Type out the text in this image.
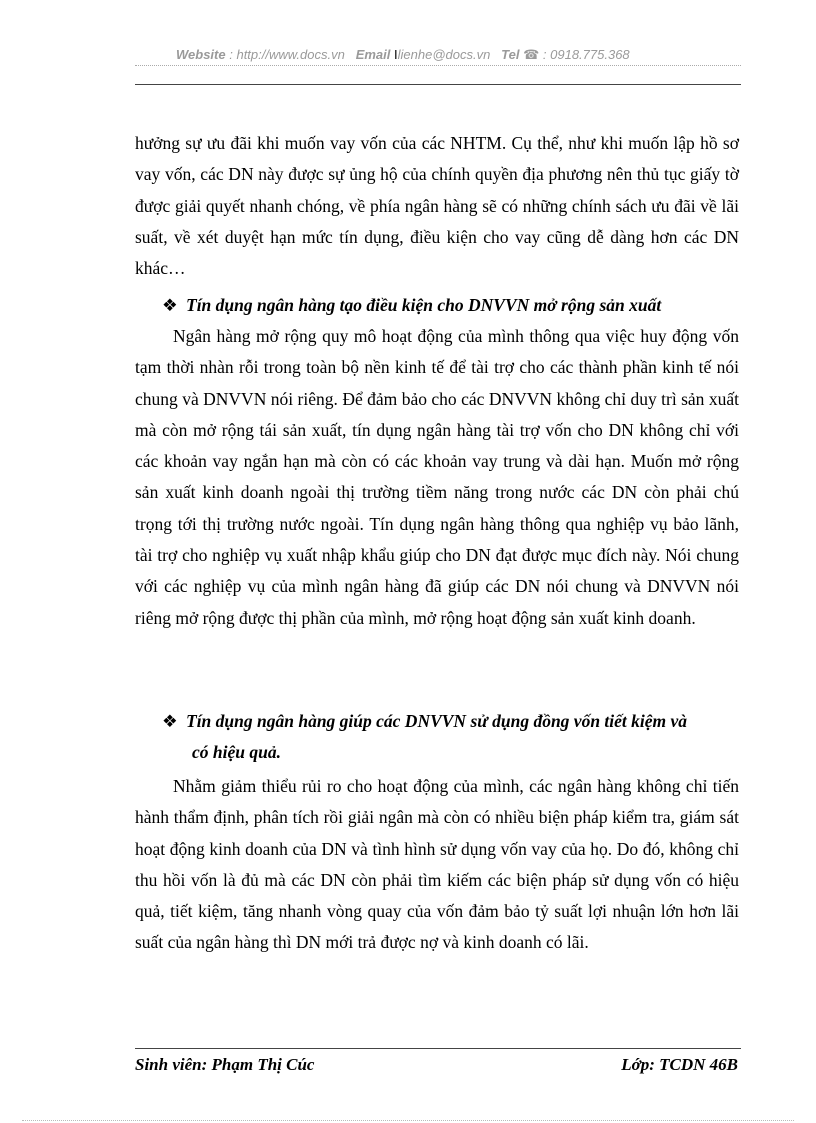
Website : http://www.docs.vn Email Ilienhe@docs.vn Tel ☎ : 0918.775.368

hưởng sự ưu đãi khi muốn vay vốn của các NHTM. Cụ thể, như khi muốn lập hồ sơ vay vốn, các DN này được sự ủng hộ của chính quyền địa phương nên thủ tục giấy tờ được giải quyết nhanh chóng, về phía ngân hàng sẽ có những chính sách ưu đãi về lãi suất, về xét duyệt hạn mức tín dụng, điều kiện cho vay cũng dễ dàng hơn các DN khác…

❖ Tín dụng ngân hàng tạo điều kiện cho DNVVN mở rộng sản xuất

Ngân hàng mở rộng quy mô hoạt động của mình thông qua việc huy động vốn tạm thời nhàn rỗi trong toàn bộ nền kinh tế để tài trợ cho các thành phần kinh tế nói chung và DNVVN nói riêng. Để đảm bảo cho các DNVVN không chỉ duy trì sản xuất mà còn mở rộng tái sản xuất, tín dụng ngân hàng tài trợ vốn cho DN không chỉ với các khoản vay ngắn hạn mà còn có các khoản vay trung và dài hạn. Muốn mở rộng sản xuất kinh doanh ngoài thị trường tiềm năng trong nước các DN còn phải chú trọng tới thị trường nước ngoài. Tín dụng ngân hàng thông qua nghiệp vụ bảo lãnh, tài trợ cho nghiệp vụ xuất nhập khẩu giúp cho DN đạt được mục đích này. Nói chung với các nghiệp vụ của mình ngân hàng đã giúp các DN nói chung và DNVVN nói riêng mở rộng được thị phần của mình, mở rộng hoạt động sản xuất kinh doanh.

❖ Tín dụng ngân hàng giúp các DNVVN sử dụng đồng vốn tiết kiệm và
có hiệu quả.

Nhằm giảm thiểu rủi ro cho hoạt động của mình, các ngân hàng không chỉ tiến hành thẩm định, phân tích rồi giải ngân mà còn có nhiều biện pháp kiểm tra, giám sát hoạt động kinh doanh của DN và tình hình sử dụng vốn vay của họ. Do đó, không chỉ thu hồi vốn là đủ mà các DN còn phải tìm kiếm các biện pháp sử dụng vốn có hiệu quả, tiết kiệm, tăng nhanh vòng quay của vốn đảm bảo tỷ suất lợi nhuận lớn hơn lãi suất của ngân hàng thì DN mới trả được nợ và kinh doanh có lãi.

Sinh viên: Phạm Thị Cúc	Lớp: TCDN 46B
